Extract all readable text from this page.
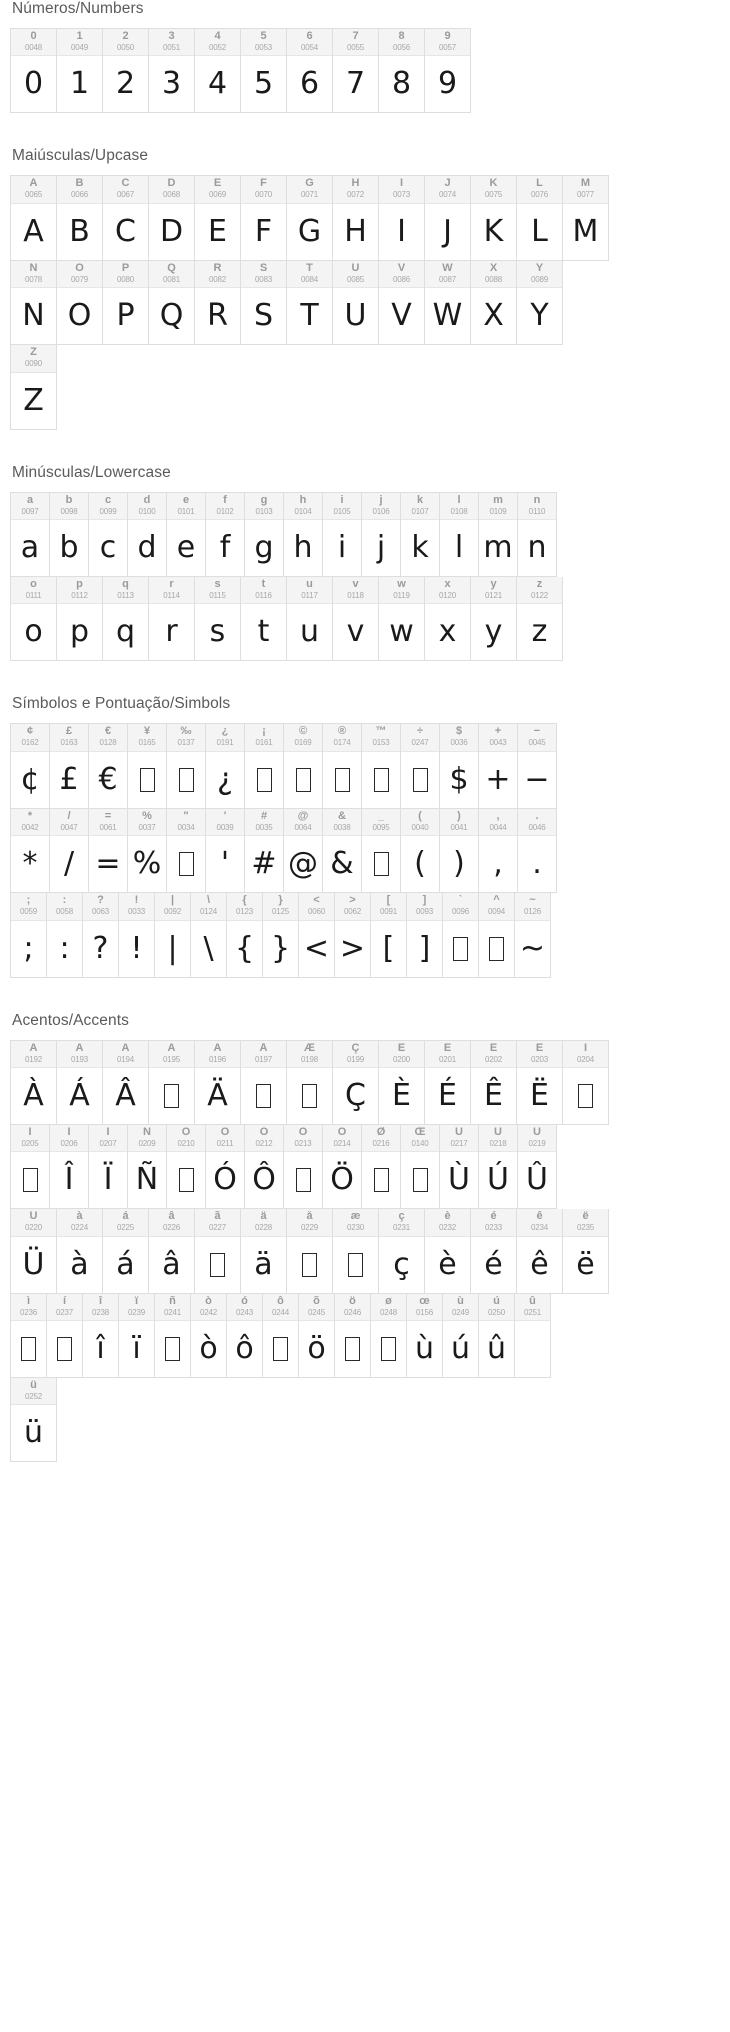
Números/Numbers
0
0048
0
1
0049
1
2
0050
2
3
0051
3
4
0052
4
5
0053
5
6
0054
6
7
0055
7
8
0056
8
9
0057
9
Maiúsculas/Upcase
A
0065
A
B
0066
B
C
0067
C
D
0068
D
E
0069
E
F
0070
F
G
0071
G
H
0072
H
I
0073
I
J
0074
J
K
0075
K
L
0076
L
M
0077
M
N
0078
N
O
0079
O
P
0080
P
Q
0081
Q
R
0082
R
S
0083
S
T
0084
T
U
0085
U
V
0086
V
W
0087
W
X
0088
X
Y
0089
Y
Z
0090
Z
Minúsculas/Lowercase
a
0097
a
b
0098
b
c
0099
c
d
0100
d
e
0101
e
f
0102
f
g
0103
g
h
0104
h
i
0105
i
j
0106
j
k
0107
k
l
0108
l
m
0109
m
n
0110
n
o
0111
o
p
0112
p
q
0113
q
r
0114
r
s
0115
s
t
0116
t
u
0117
u
v
0118
v
w
0119
w
x
0120
x
y
0121
y
z
0122
z
Símbolos e Pontuação/Simbols
¢
0162
¢
£
0163
£
€
0128
€
¥
0165
‰
0137
¿
0191
¿
¡
0161
©
0169
®
0174
™
0153
÷
0247
$
0036
$
+
0043
+
−
0045
−
*
0042
*
/
0047
/
=
0061
=
%
0037
%
"
0034
'
0039
'
#
0035
#
@
0064
@
&
0038
&
_
0095
(
0040
(
)
0041
)
,
0044
,
.
0046
.
;
0059
;
:
0058
:
?
0063
?
!
0033
!
|
0092
|
\
0124
\
{
0123
{
}
0125
}
<
0060
<
>
0062
>
[
0091
[
]
0093
]
`
0096
^
0094
~
0126
~
Acentos/Accents
À
0192
À
Á
0193
Á
Â
0194
Â
Ã
0195
Ä
0196
Ä
Å
0197
Æ
0198
Ç
0199
Ç
È
0200
È
É
0201
É
Ê
0202
Ê
Ë
0203
Ë
Ì
0204
Í
0205
Î
0206
Î
Ï
0207
Ï
Ñ
0209
Ñ
Ò
0210
Ó
0211
Ó
Ô
0212
Ô
Õ
0213
Ö
0214
Ö
Ø
0216
Œ
0140
Ù
0217
Ù
Ú
0218
Ú
Û
0219
Û
Ü
0220
Ü
à
0224
à
á
0225
á
â
0226
â
ã
0227
ä
0228
ä
å
0229
æ
0230
ç
0231
ç
è
0232
è
é
0233
é
ê
0234
ê
ë
0235
ë
ì
0236
í
0237
î
0238
î
ï
0239
ï
ñ
0241
ò
0242
ò
ó
0243
ô
ô
0244
õ
0245
ö
ö
0246
ø
0248
œ
0156
ù
ù
0249
ú
ú
0250
û
û
0251
ü
0252
ü
